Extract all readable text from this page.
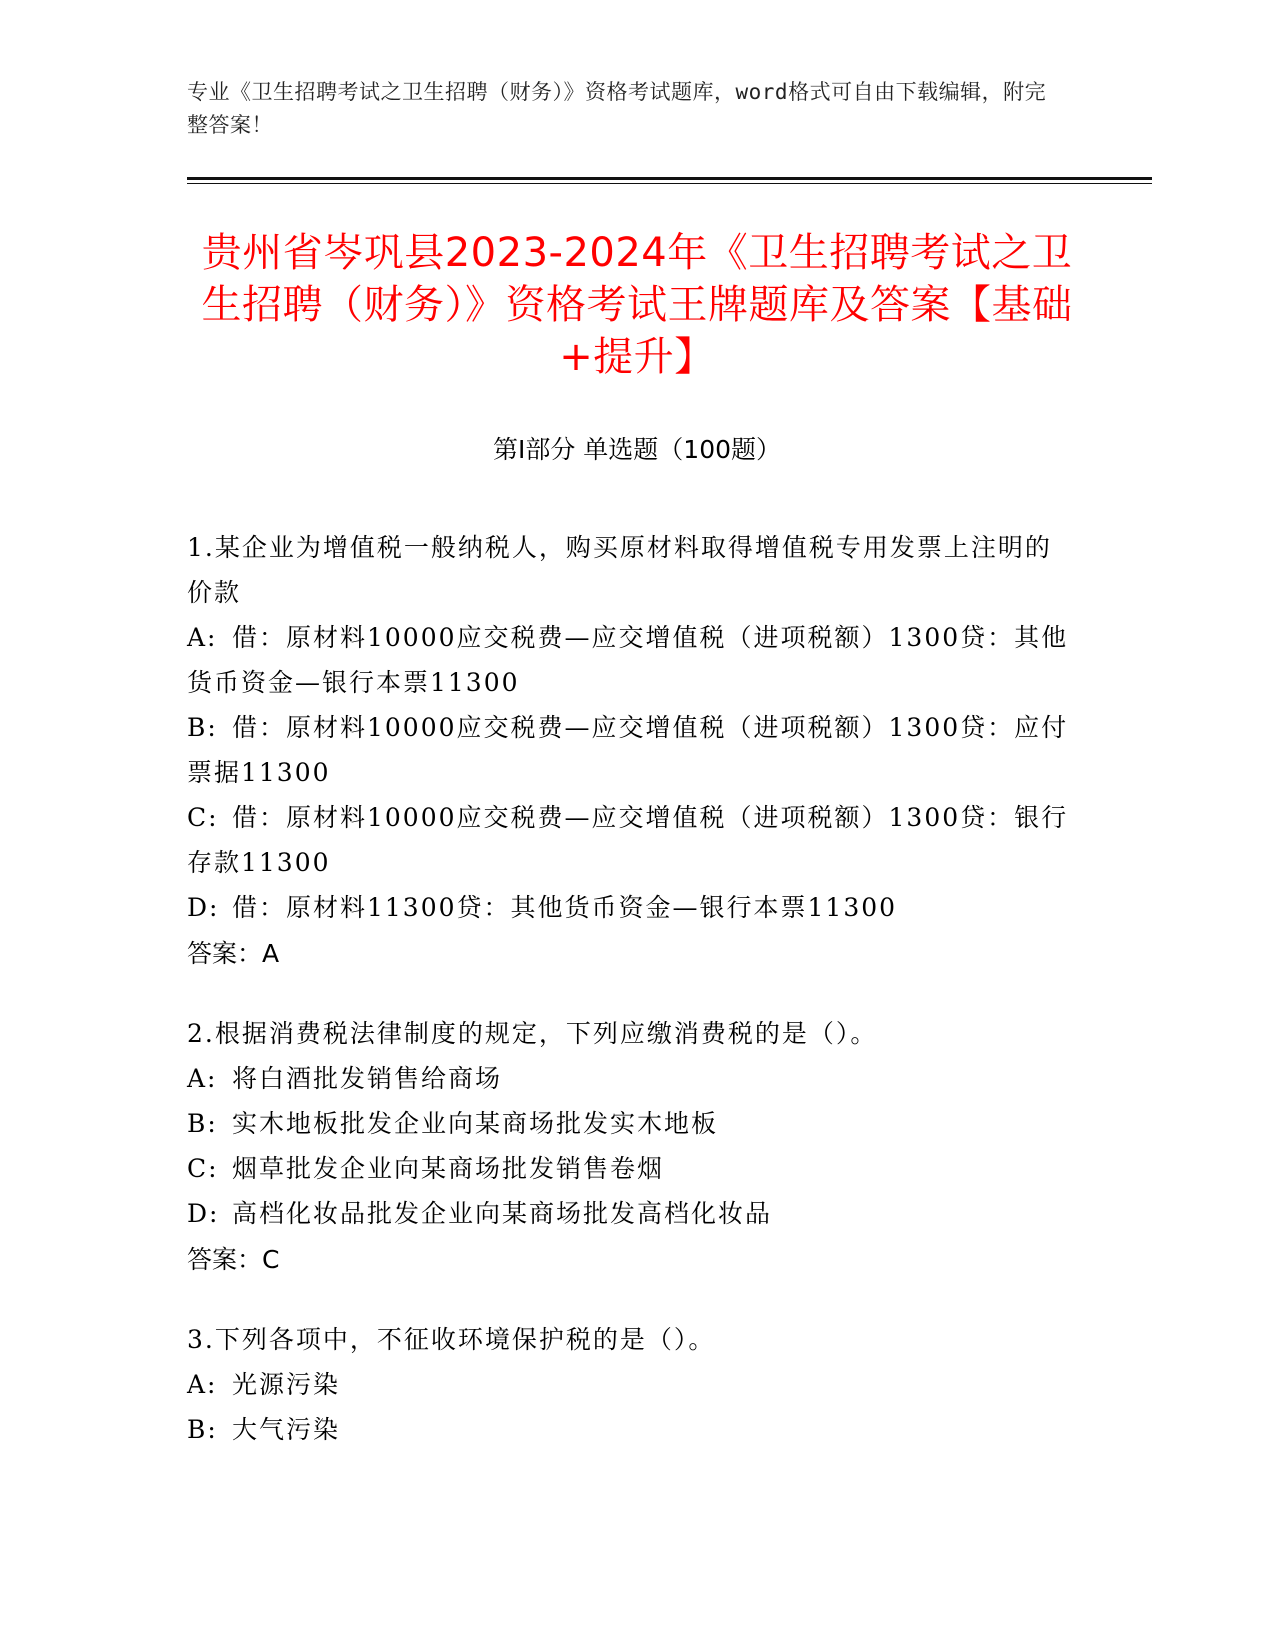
专业《卫生招聘考试之卫生招聘（财务）》资格考试题库，word格式可自由下载编辑，附完整答案！
贵州省岑巩县2023-2024年《卫生招聘考试之卫生招聘（财务）》资格考试王牌题库及答案【基础+提升】
第Ⅰ部分 单选题（100题）
1.某企业为增值税一般纳税人，购买原材料取得增值税专用发票上注明的价款
A: 借：原材料10000应交税费—应交增值税（进项税额）1300贷：其他货币资金—银行本票11300
B: 借：原材料10000应交税费—应交增值税（进项税额）1300贷：应付票据11300
C: 借：原材料10000应交税费—应交增值税（进项税额）1300贷：银行存款11300
D: 借：原材料11300贷：其他货币资金—银行本票11300
答案：A
2.根据消费税法律制度的规定，下列应缴消费税的是（）。
A: 将白酒批发销售给商场
B: 实木地板批发企业向某商场批发实木地板
C: 烟草批发企业向某商场批发销售卷烟
D: 高档化妆品批发企业向某商场批发高档化妆品
答案：C
3.下列各项中，不征收环境保护税的是（）。
A: 光源污染
B: 大气污染
